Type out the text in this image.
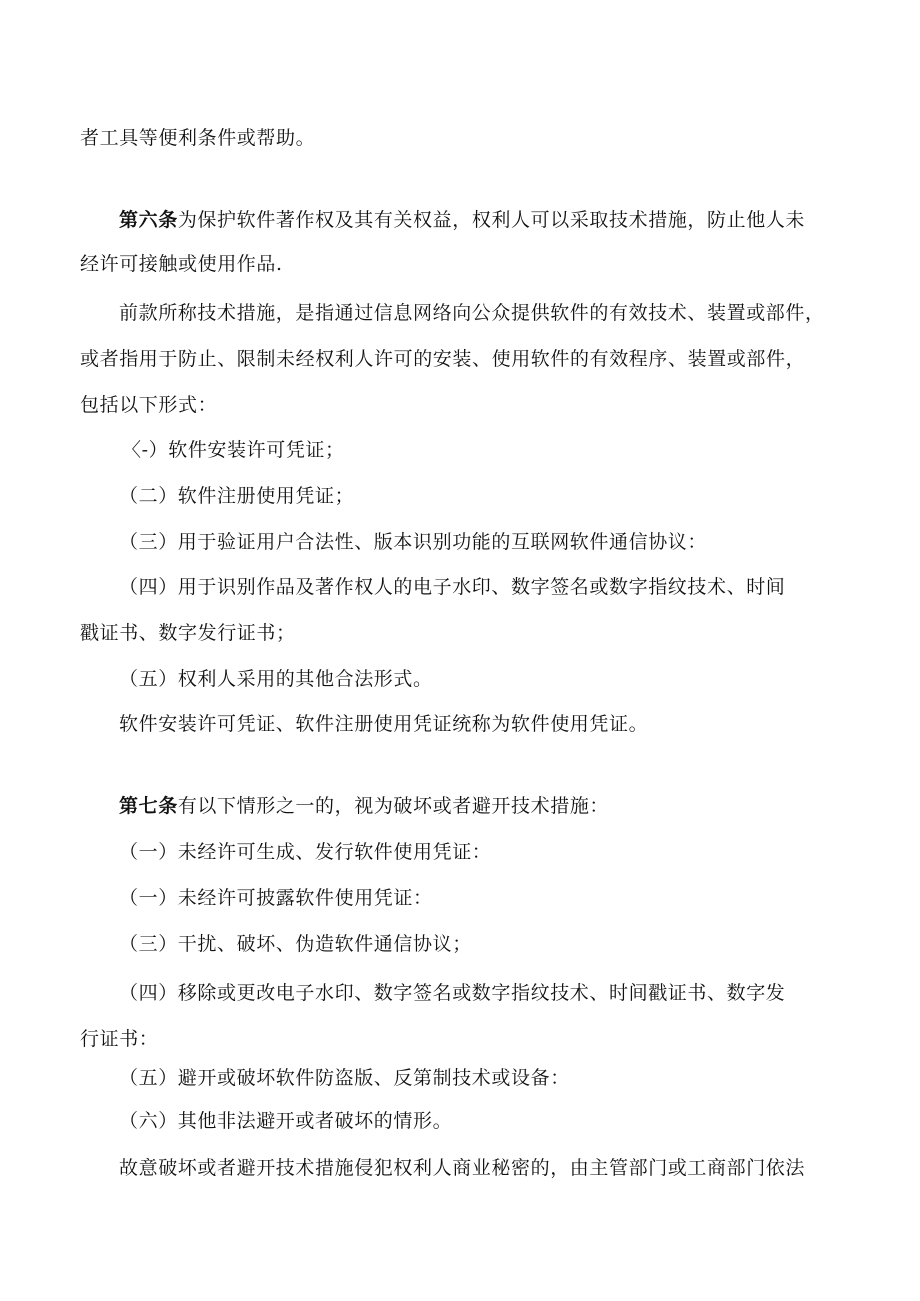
者工具等便利条件或帮助。
第六条为保护软件著作权及其有关权益，权利人可以采取技术措施，防止他人未
经许可接触或使用作品.
前款所称技术措施，是指通过信息网络向公众提供软件的有效技术、装置或部件，
或者指用于防止、限制未经权利人许可的安装、使用软件的有效程序、装置或部件，
包括以下形式：
〈-）软件安装许可凭证；
（二）软件注册使用凭证；
（三）用于验证用户合法性、版本识别功能的互联网软件通信协议：
（四）用于识别作品及著作权人的电子水印、数字签名或数字指纹技术、时间
戳证书、数字发行证书；
（五）权利人采用的其他合法形式。
软件安装许可凭证、软件注册使用凭证统称为软件使用凭证。
第七条有以下情形之一的，视为破坏或者避开技术措施：
（一）未经许可生成、发行软件使用凭证：
（一）未经许可披露软件使用凭证：
（三）干扰、破坏、伪造软件通信协议；
（四）移除或更改电子水印、数字签名或数字指纹技术、时间戳证书、数字发
行证书：
（五）避开或破坏软件防盗版、反第制技术或设备：
（六）其他非法避开或者破坏的情形。
故意破坏或者避开技术措施侵犯权利人商业秘密的，由主管部门或工商部门依法
